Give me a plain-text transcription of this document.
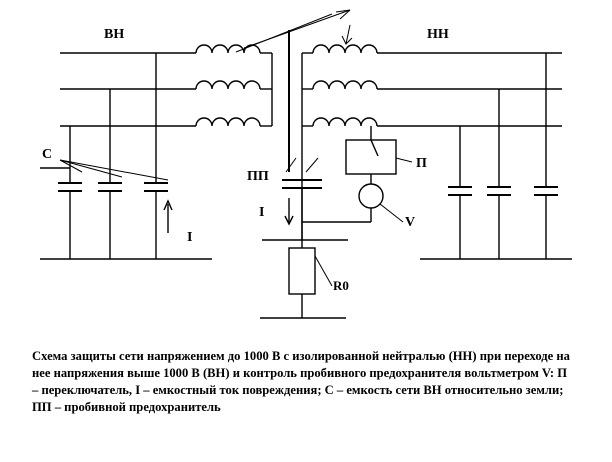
ВН	НН
С
ПП
I
I
П
V
R0

Схема защиты сети напряжением до 1000 В с изолированной нейтралью (НН) при переходе на нее напряжения выше 1000 В (ВН) и контроль пробивного предохранителя вольтметром V: П – переключатель, I – емкостный ток повреждения; С – емкость сети ВН относительно земли; ПП – пробивной предохранитель
